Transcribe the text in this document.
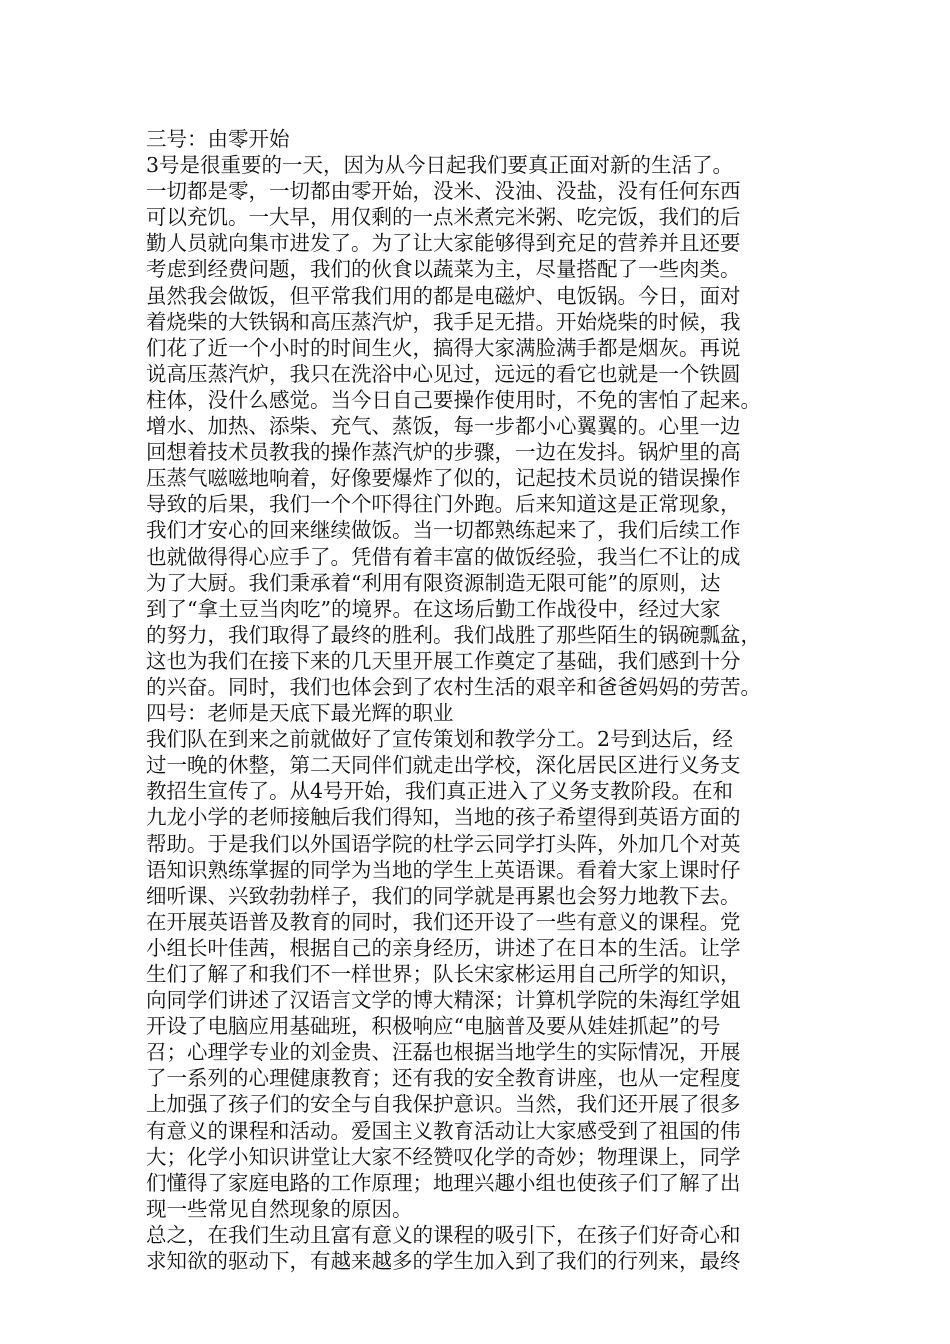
三号：由零开始
3号是很重要的一天，因为从今日起我们要真正面对新的生活了。
一切都是零，一切都由零开始，没米、没油、没盐，没有任何东西
可以充饥。一大早，用仅剩的一点米煮完米粥、吃完饭，我们的后
勤人员就向集市进发了。为了让大家能够得到充足的营养并且还要
考虑到经费问题，我们的伙食以蔬菜为主，尽量搭配了一些肉类。
虽然我会做饭，但平常我们用的都是电磁炉、电饭锅。今日，面对
着烧柴的大铁锅和高压蒸汽炉，我手足无措。开始烧柴的时候，我
们花了近一个小时的时间生火，搞得大家满脸满手都是烟灰。再说
说高压蒸汽炉，我只在洗浴中心见过，远远的看它也就是一个铁圆
柱体，没什么感觉。当今日自己要操作使用时，不免的害怕了起来。
增水、加热、添柴、充气、蒸饭，每一步都小心翼翼的。心里一边
回想着技术员教我的操作蒸汽炉的步骤，一边在发抖。锅炉里的高
压蒸气嗞嗞地响着，好像要爆炸了似的，记起技术员说的错误操作
导致的后果，我们一个个吓得往门外跑。后来知道这是正常现象，
我们才安心的回来继续做饭。当一切都熟练起来了，我们后续工作
也就做得得心应手了。凭借有着丰富的做饭经验，我当仁不让的成
为了大厨。我们秉承着“利用有限资源制造无限可能”的原则，达
到了“拿土豆当肉吃”的境界。在这场后勤工作战役中，经过大家
的努力，我们取得了最终的胜利。我们战胜了那些陌生的锅碗瓢盆，
这也为我们在接下来的几天里开展工作奠定了基础，我们感到十分
的兴奋。同时，我们也体会到了农村生活的艰辛和爸爸妈妈的劳苦。
四号：老师是天底下最光辉的职业
我们队在到来之前就做好了宣传策划和教学分工。2号到达后，经
过一晚的休整，第二天同伴们就走出学校，深化居民区进行义务支
教招生宣传了。从4号开始，我们真正进入了义务支教阶段。在和
九龙小学的老师接触后我们得知，当地的孩子希望得到英语方面的
帮助。于是我们以外国语学院的杜学云同学打头阵，外加几个对英
语知识熟练掌握的同学为当地的学生上英语课。看着大家上课时仔
细听课、兴致勃勃样子，我们的同学就是再累也会努力地教下去。
在开展英语普及教育的同时，我们还开设了一些有意义的课程。党
小组长叶佳茜，根据自己的亲身经历，讲述了在日本的生活。让学
生们了解了和我们不一样世界；队长宋家彬运用自己所学的知识，
向同学们讲述了汉语言文学的博大精深；计算机学院的朱海红学姐
开设了电脑应用基础班，积极响应“电脑普及要从娃娃抓起”的号
召；心理学专业的刘金贵、汪磊也根据当地学生的实际情况，开展
了一系列的心理健康教育；还有我的安全教育讲座，也从一定程度
上加强了孩子们的安全与自我保护意识。当然，我们还开展了很多
有意义的课程和活动。爱国主义教育活动让大家感受到了祖国的伟
大；化学小知识讲堂让大家不经赞叹化学的奇妙；物理课上，同学
们懂得了家庭电路的工作原理；地理兴趣小组也使孩子们了解了出
现一些常见自然现象的原因。
总之，在我们生动且富有意义的课程的吸引下，在孩子们好奇心和
求知欲的驱动下，有越来越多的学生加入到了我们的行列来，最终
